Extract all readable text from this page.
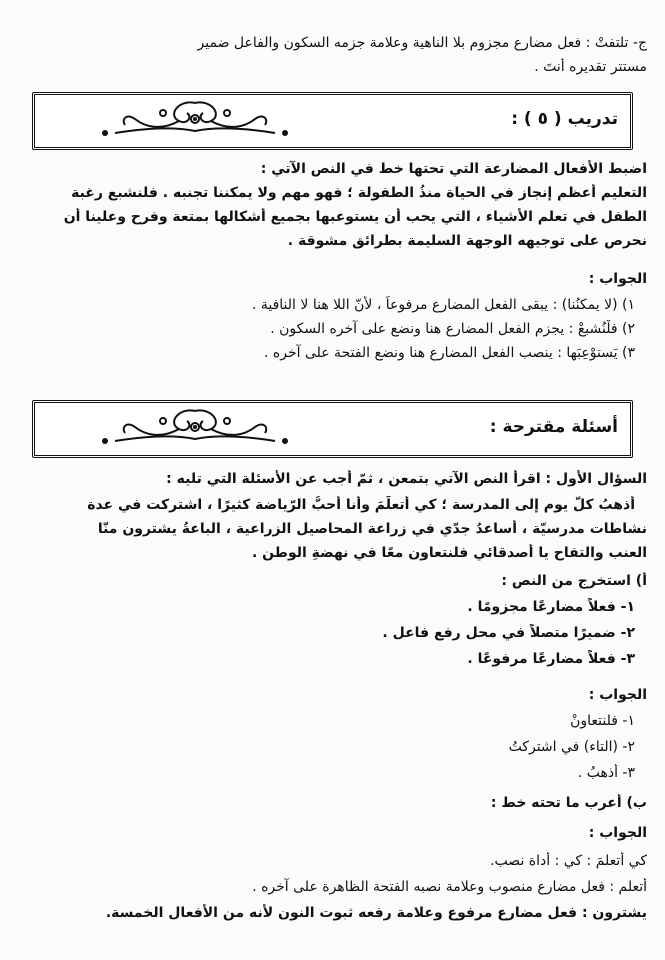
ج- تلتفتْ : فعل مضارع مجزوم بلا الناهية وعلامة جزمه السكون والفاعل ضمير
مستتر تقديره أنتَ .
تدريب ( ٥ ) :
اضبط الأفعال المضارعة التي تحتها خط في النص الآتي :
التعليم أعظم إنجاز في الحياة منذُ الطفولة ؛ فهو مهم ولا يمكننا تجنبه . فلنشبع رغبة
الطفل في تعلم الأشياء ، التي يحب أن يستوعبها بجميع أشكالها بمتعة وفرح وعلينا أن
نحرص على توجيهه الوجهة السليمة بطرائق مشوقة .
الجواب :
١) (لا يمكنُنا) : يبقى الفعل المضارع مرفوعاً ، لأنّ اللا هنا لا النافية .
٢) فلْنُشبعْ : يجزم الفعل المضارع هنا ونضع على آخره السكون .
٣) يَستوْعِبَها : ينصب الفعل المضارع هنا ونضع الفتحة على آخره .
أسئلة مقترحة :
السؤال الأول : اقرأ النص الآتي بتمعن ، ثمّ أجب عن الأسئلة التي تليه :
أذهبُ كلّ يوم إلى المدرسة ؛ كي أتعلّمَ وأنا أُحبُّ الرّياضة كثيرًا ، اشتركت في عدة
نشاطات مدرسيّة ، أُساعدُ جدّي في زراعة المحاصيل الزراعية ، الباعةُ يشترون منّا
العنب والتفاح يا أصدقائي فلنتعاون معًا في نهضةِ الوطن .
أ) استخرج من النص :
١- فعلاً مضارعًا مجزومًا .
٢- ضميرًا متصلاً في محل رفع فاعل .
٣- فعلاً مضارعًا مرفوعًا .
الجواب :
١- فلنتعاونْ
٢- (التاء) في اشتركتُ
٣- أذهبُ .
ب) أعرب ما تحته خط :
الجواب :
كي أتعلمَ : كي : أداة نصب.
أتعلم : فعل مضارع منصوب وعلامة نصبه الفتحة الظاهرة على آخره .
يشترون : فعل مضارع مرفوع وعلامة رفعه ثبوت النون لأنه من الأفعال الخمسة.
